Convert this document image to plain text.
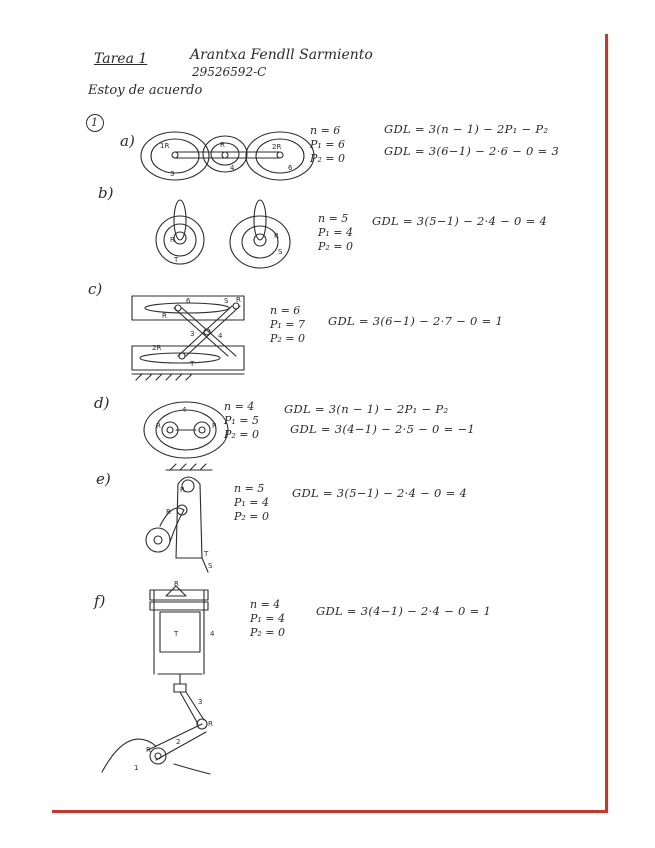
Tarea 1	Arantxa Fendll Sarmiento
29526592-C
Estoy de acuerdo
1
a)	1R	R	2R
3
4	6
n = 6
P₁ = 6
P₂ = 0
GDL = 3(n − 1) − 2P₁ − P₂
GDL = 3(6−1) − 2·6 − 0 = 3
b)
R
T
R
S
n = 5
P₁ = 4
P₂ = 0
GDL = 3(5−1) − 2·4 − 0 = 4
c)
6	S R
R
3	4
2R
T
n = 6
P₁ = 7
P₂ = 0
GDL = 3(6−1) − 2·7 − 0 = 1
d)	4
R	R
n = 4
P₁ = 5
P₂ = 0
GDL = 3(n − 1) − 2P₁ − P₂
GDL = 3(4−1) − 2·5 − 0 = −1
e)
R
R
T
S
n = 5
P₁ = 4
P₂ = 0
GDL = 3(5−1) − 2·4 − 0 = 4
f)
R
T	4
3
R
2
R
1
n = 4
P₁ = 4
P₂ = 0
GDL = 3(4−1) − 2·4 − 0 = 1
